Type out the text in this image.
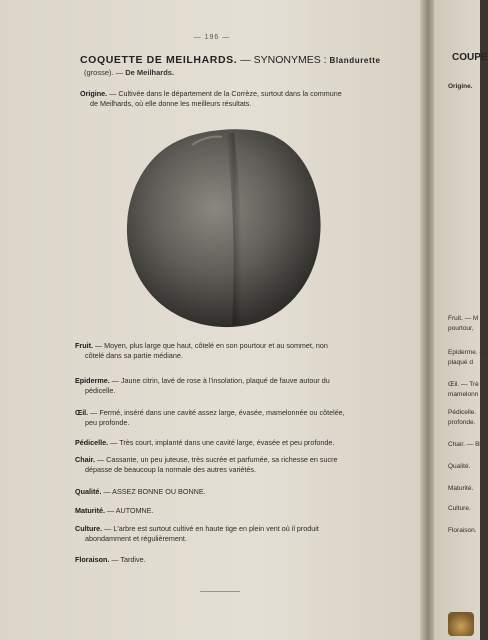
— 196 —
COQUETTE DE MEILHARDS. — SYNONYMES : Blandurette
(grosse). — De Meilhards.
Origine. — Cultivée dans le département de la Corrèze, surtout dans la commune
de Meilhards, où elle donne les meilleurs résultats.
Fruit. — Moyen, plus large que haut, côtelé en son pourtour et au sommet, non
côtelé dans sa partie médiane.
Epiderme. — Jaune citrin, lavé de rose à l'insolation, plaqué de fauve autour du
pédicelle.
Œil. — Fermé, inséré dans une cavité assez large, évasée, mamelonnée ou côtelée,
peu profonde.
Pédicelle. — Très court, implanté dans une cavité large, évasée et peu profonde.
Chair. — Cassante, un peu juteuse, très sucrée et parfumée, sa richesse en sucre
dépasse de beaucoup la normale des autres variétés.
Qualité. — ASSEZ BONNE OU BONNE.
Maturité. — AUTOMNE.
Culture. — L'arbre est surtout cultivé en haute tige en plein vent où il produit
abondamment et régulièrement.
Floraison. — Tardive.
COUPE
Origine.
Fruit. — M
pourtour,
Epiderme. —
plaqué d
Œil. — Trè
mamelonn
Pédicelle.
profonde.
Chair. — Bl
Qualité.
Maturité.
Culture.
Floraison.
